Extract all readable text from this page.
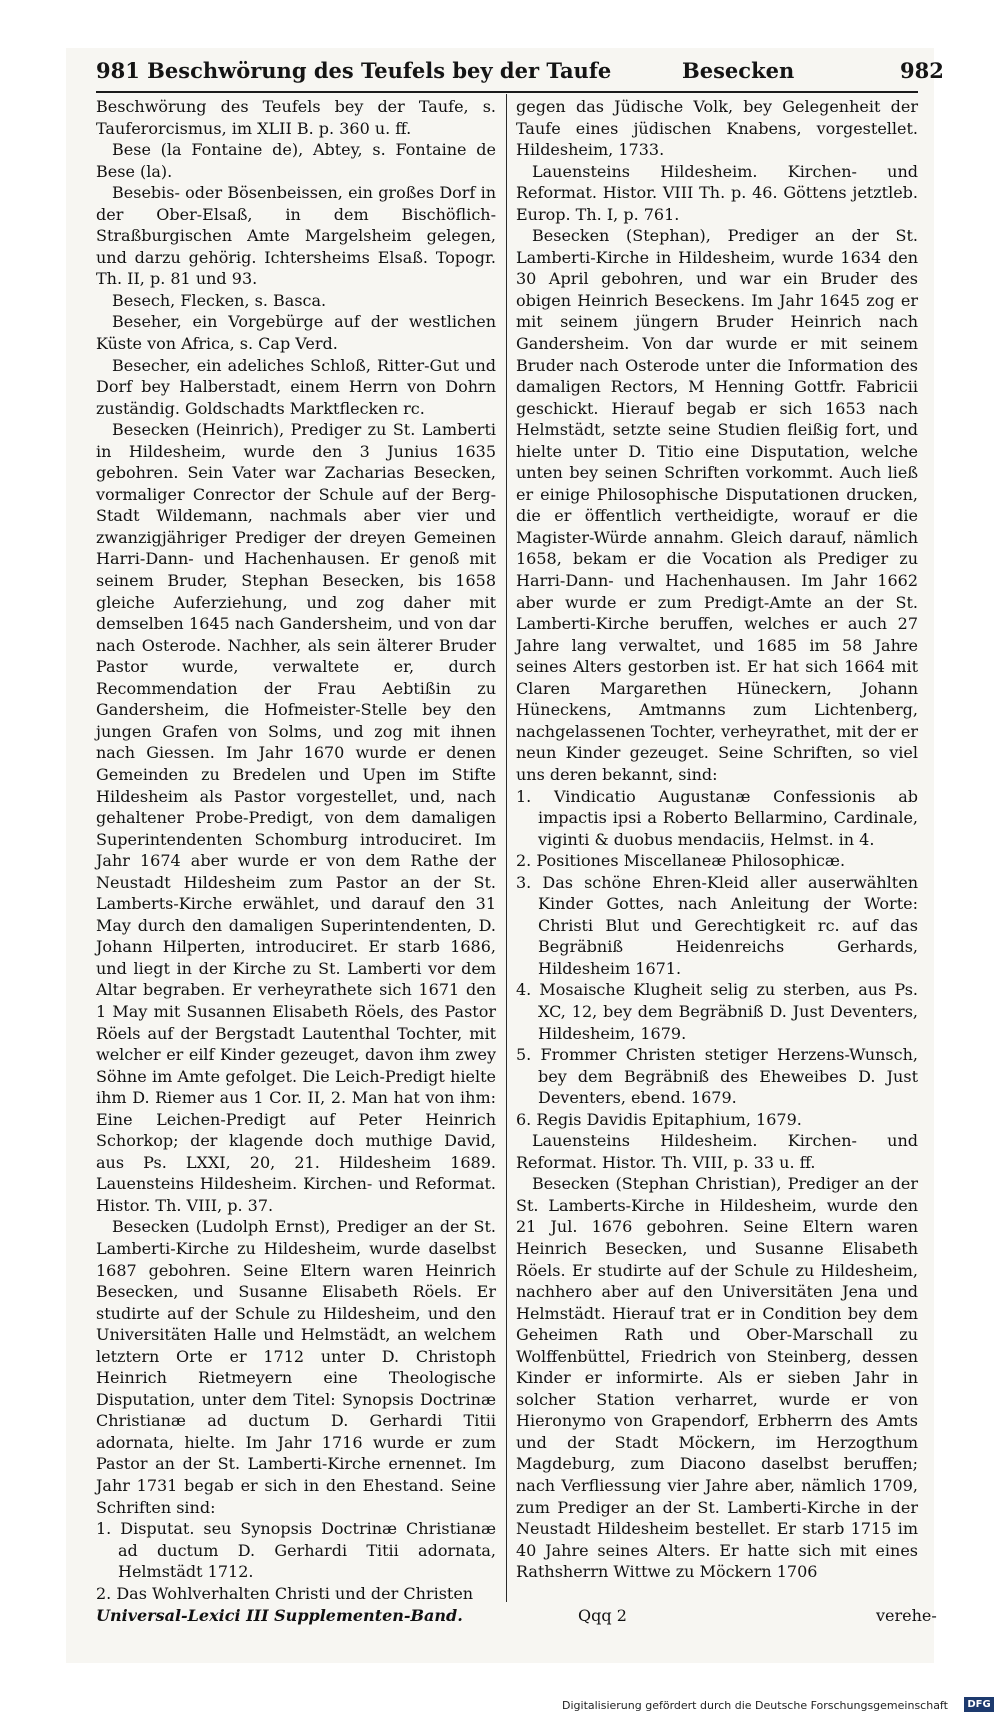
981 Beschwörung des Teufels bey der Taufe	Besecken	982

Beschwörung des Teufels bey der Taufe, s. Tauferorcismus, im XLII B. p. 360 u. ff.

Bese (la Fontaine de), Abtey, s. Fontaine de Bese (la).

Besebis- oder Bösenbeissen, ein großes Dorf in der Ober-Elsaß, in dem Bischöflich-Straßburgischen Amte Margelsheim gelegen, und darzu gehörig. Ichtersheims Elsaß. Topogr. Th. II, p. 81 und 93.

Besech, Flecken, s. Basca.

Beseher, ein Vorgebürge auf der westlichen Küste von Africa, s. Cap Verd.

Besecher, ein adeliches Schloß, Ritter-Gut und Dorf bey Halberstadt, einem Herrn von Dohrn zuständig. Goldschadts Marktflecken rc.

Besecken (Heinrich), Prediger zu St. Lamberti in Hildesheim, wurde den 3 Junius 1635 gebohren. Sein Vater war Zacharias Besecken, vormaliger Conrector der Schule auf der Berg-Stadt Wildemann, nachmals aber vier und zwanzigjähriger Prediger der dreyen Gemeinen Harri-Dann- und Hachenhausen. Er genoß mit seinem Bruder, Stephan Besecken, bis 1658 gleiche Auferziehung, und zog daher mit demselben 1645 nach Gandersheim, und von dar nach Osterode. Nachher, als sein älterer Bruder Pastor wurde, verwaltete er, durch Recommendation der Frau Aebtißin zu Gandersheim, die Hofmeister-Stelle bey den jungen Grafen von Solms, und zog mit ihnen nach Giessen. Im Jahr 1670 wurde er denen Gemeinden zu Bredelen und Upen im Stifte Hildesheim als Pastor vorgestellet, und, nach gehaltener Probe-Predigt, von dem damaligen Superintendenten Schomburg introduciret. Im Jahr 1674 aber wurde er von dem Rathe der Neustadt Hildesheim zum Pastor an der St. Lamberts-Kirche erwählet, und darauf den 31 May durch den damaligen Superintendenten, D. Johann Hilperten, introduciret. Er starb 1686, und liegt in der Kirche zu St. Lamberti vor dem Altar begraben. Er verheyrathete sich 1671 den 1 May mit Susannen Elisabeth Röels, des Pastor Röels auf der Bergstadt Lautenthal Tochter, mit welcher er eilf Kinder gezeuget, davon ihm zwey Söhne im Amte gefolget. Die Leich-Predigt hielte ihm D. Riemer aus 1 Cor. II, 2. Man hat von ihm: Eine Leichen-Predigt auf Peter Heinrich Schorkop; der klagende doch muthige David, aus Ps. LXXI, 20, 21. Hildesheim 1689. Lauensteins Hildesheim. Kirchen- und Reformat. Histor. Th. VIII, p. 37.

Besecken (Ludolph Ernst), Prediger an der St. Lamberti-Kirche zu Hildesheim, wurde daselbst 1687 gebohren. Seine Eltern waren Heinrich Besecken, und Susanne Elisabeth Röels. Er studirte auf der Schule zu Hildesheim, und den Universitäten Halle und Helmstädt, an welchem letztern Orte er 1712 unter D. Christoph Heinrich Rietmeyern eine Theologische Disputation, unter dem Titel: Synopsis Doctrinæ Christianæ ad ductum D. Gerhardi Titii adornata, hielte. Im Jahr 1716 wurde er zum Pastor an der St. Lamberti-Kirche ernennet. Im Jahr 1731 begab er sich in den Ehestand. Seine Schriften sind:

1. Disputat. seu Synopsis Doctrinæ Christianæ ad ductum D. Gerhardi Titii adornata, Helmstädt 1712.

2. Das Wohlverhalten Christi und der Christen

gegen das Jüdische Volk, bey Gelegenheit der Taufe eines jüdischen Knabens, vorgestellet. Hildesheim, 1733.

Lauensteins Hildesheim. Kirchen- und Reformat. Histor. VIII Th. p. 46. Göttens jetztleb. Europ. Th. I, p. 761.

Besecken (Stephan), Prediger an der St. Lamberti-Kirche in Hildesheim, wurde 1634 den 30 April gebohren, und war ein Bruder des obigen Heinrich Beseckens. Im Jahr 1645 zog er mit seinem jüngern Bruder Heinrich nach Gandersheim. Von dar wurde er mit seinem Bruder nach Osterode unter die Information des damaligen Rectors, M Henning Gottfr. Fabricii geschickt. Hierauf begab er sich 1653 nach Helmstädt, setzte seine Studien fleißig fort, und hielte unter D. Titio eine Disputation, welche unten bey seinen Schriften vorkommt. Auch ließ er einige Philosophische Disputationen drucken, die er öffentlich vertheidigte, worauf er die Magister-Würde annahm. Gleich darauf, nämlich 1658, bekam er die Vocation als Prediger zu Harri-Dann- und Hachenhausen. Im Jahr 1662 aber wurde er zum Predigt-Amte an der St. Lamberti-Kirche beruffen, welches er auch 27 Jahre lang verwaltet, und 1685 im 58 Jahre seines Alters gestorben ist. Er hat sich 1664 mit Claren Margarethen Hüneckern, Johann Hüneckens, Amtmanns zum Lichtenberg, nachgelassenen Tochter, verheyrathet, mit der er neun Kinder gezeuget. Seine Schriften, so viel uns deren bekannt, sind:

1. Vindicatio Augustanæ Confessionis ab impactis ipsi a Roberto Bellarmino, Cardinale, viginti & duobus mendaciis, Helmst. in 4.

2. Positiones Miscellaneæ Philosophicæ.

3. Das schöne Ehren-Kleid aller auserwählten Kinder Gottes, nach Anleitung der Worte: Christi Blut und Gerechtigkeit rc. auf das Begräbniß Heidenreichs Gerhards, Hildesheim 1671.

4. Mosaische Klugheit selig zu sterben, aus Ps. XC, 12, bey dem Begräbniß D. Just Deventers, Hildesheim, 1679.

5. Frommer Christen stetiger Herzens-Wunsch, bey dem Begräbniß des Eheweibes D. Just Deventers, ebend. 1679.

6. Regis Davidis Epitaphium, 1679.

Lauensteins Hildesheim. Kirchen- und Reformat. Histor. Th. VIII, p. 33 u. ff.

Besecken (Stephan Christian), Prediger an der St. Lamberts-Kirche in Hildesheim, wurde den 21 Jul. 1676 gebohren. Seine Eltern waren Heinrich Besecken, und Susanne Elisabeth Röels. Er studirte auf der Schule zu Hildesheim, nachhero aber auf den Universitäten Jena und Helmstädt. Hierauf trat er in Condition bey dem Geheimen Rath und Ober-Marschall zu Wolffenbüttel, Friedrich von Steinberg, dessen Kinder er informirte. Als er sieben Jahr in solcher Station verharret, wurde er von Hieronymo von Grapendorf, Erbherrn des Amts und der Stadt Möckern, im Herzogthum Magdeburg, zum Diacono daselbst beruffen; nach Verfliessung vier Jahre aber, nämlich 1709, zum Prediger an der St. Lamberti-Kirche in der Neustadt Hildesheim bestellet. Er starb 1715 im 40 Jahre seines Alters. Er hatte sich mit eines Rathsherrn Wittwe zu Möckern 1706

Universal-Lexici III Supplementen-Band.	Qqq 2	verehe-
Digitalisierung gefördert durch die Deutsche Forschungsgemeinschaft	DFG
